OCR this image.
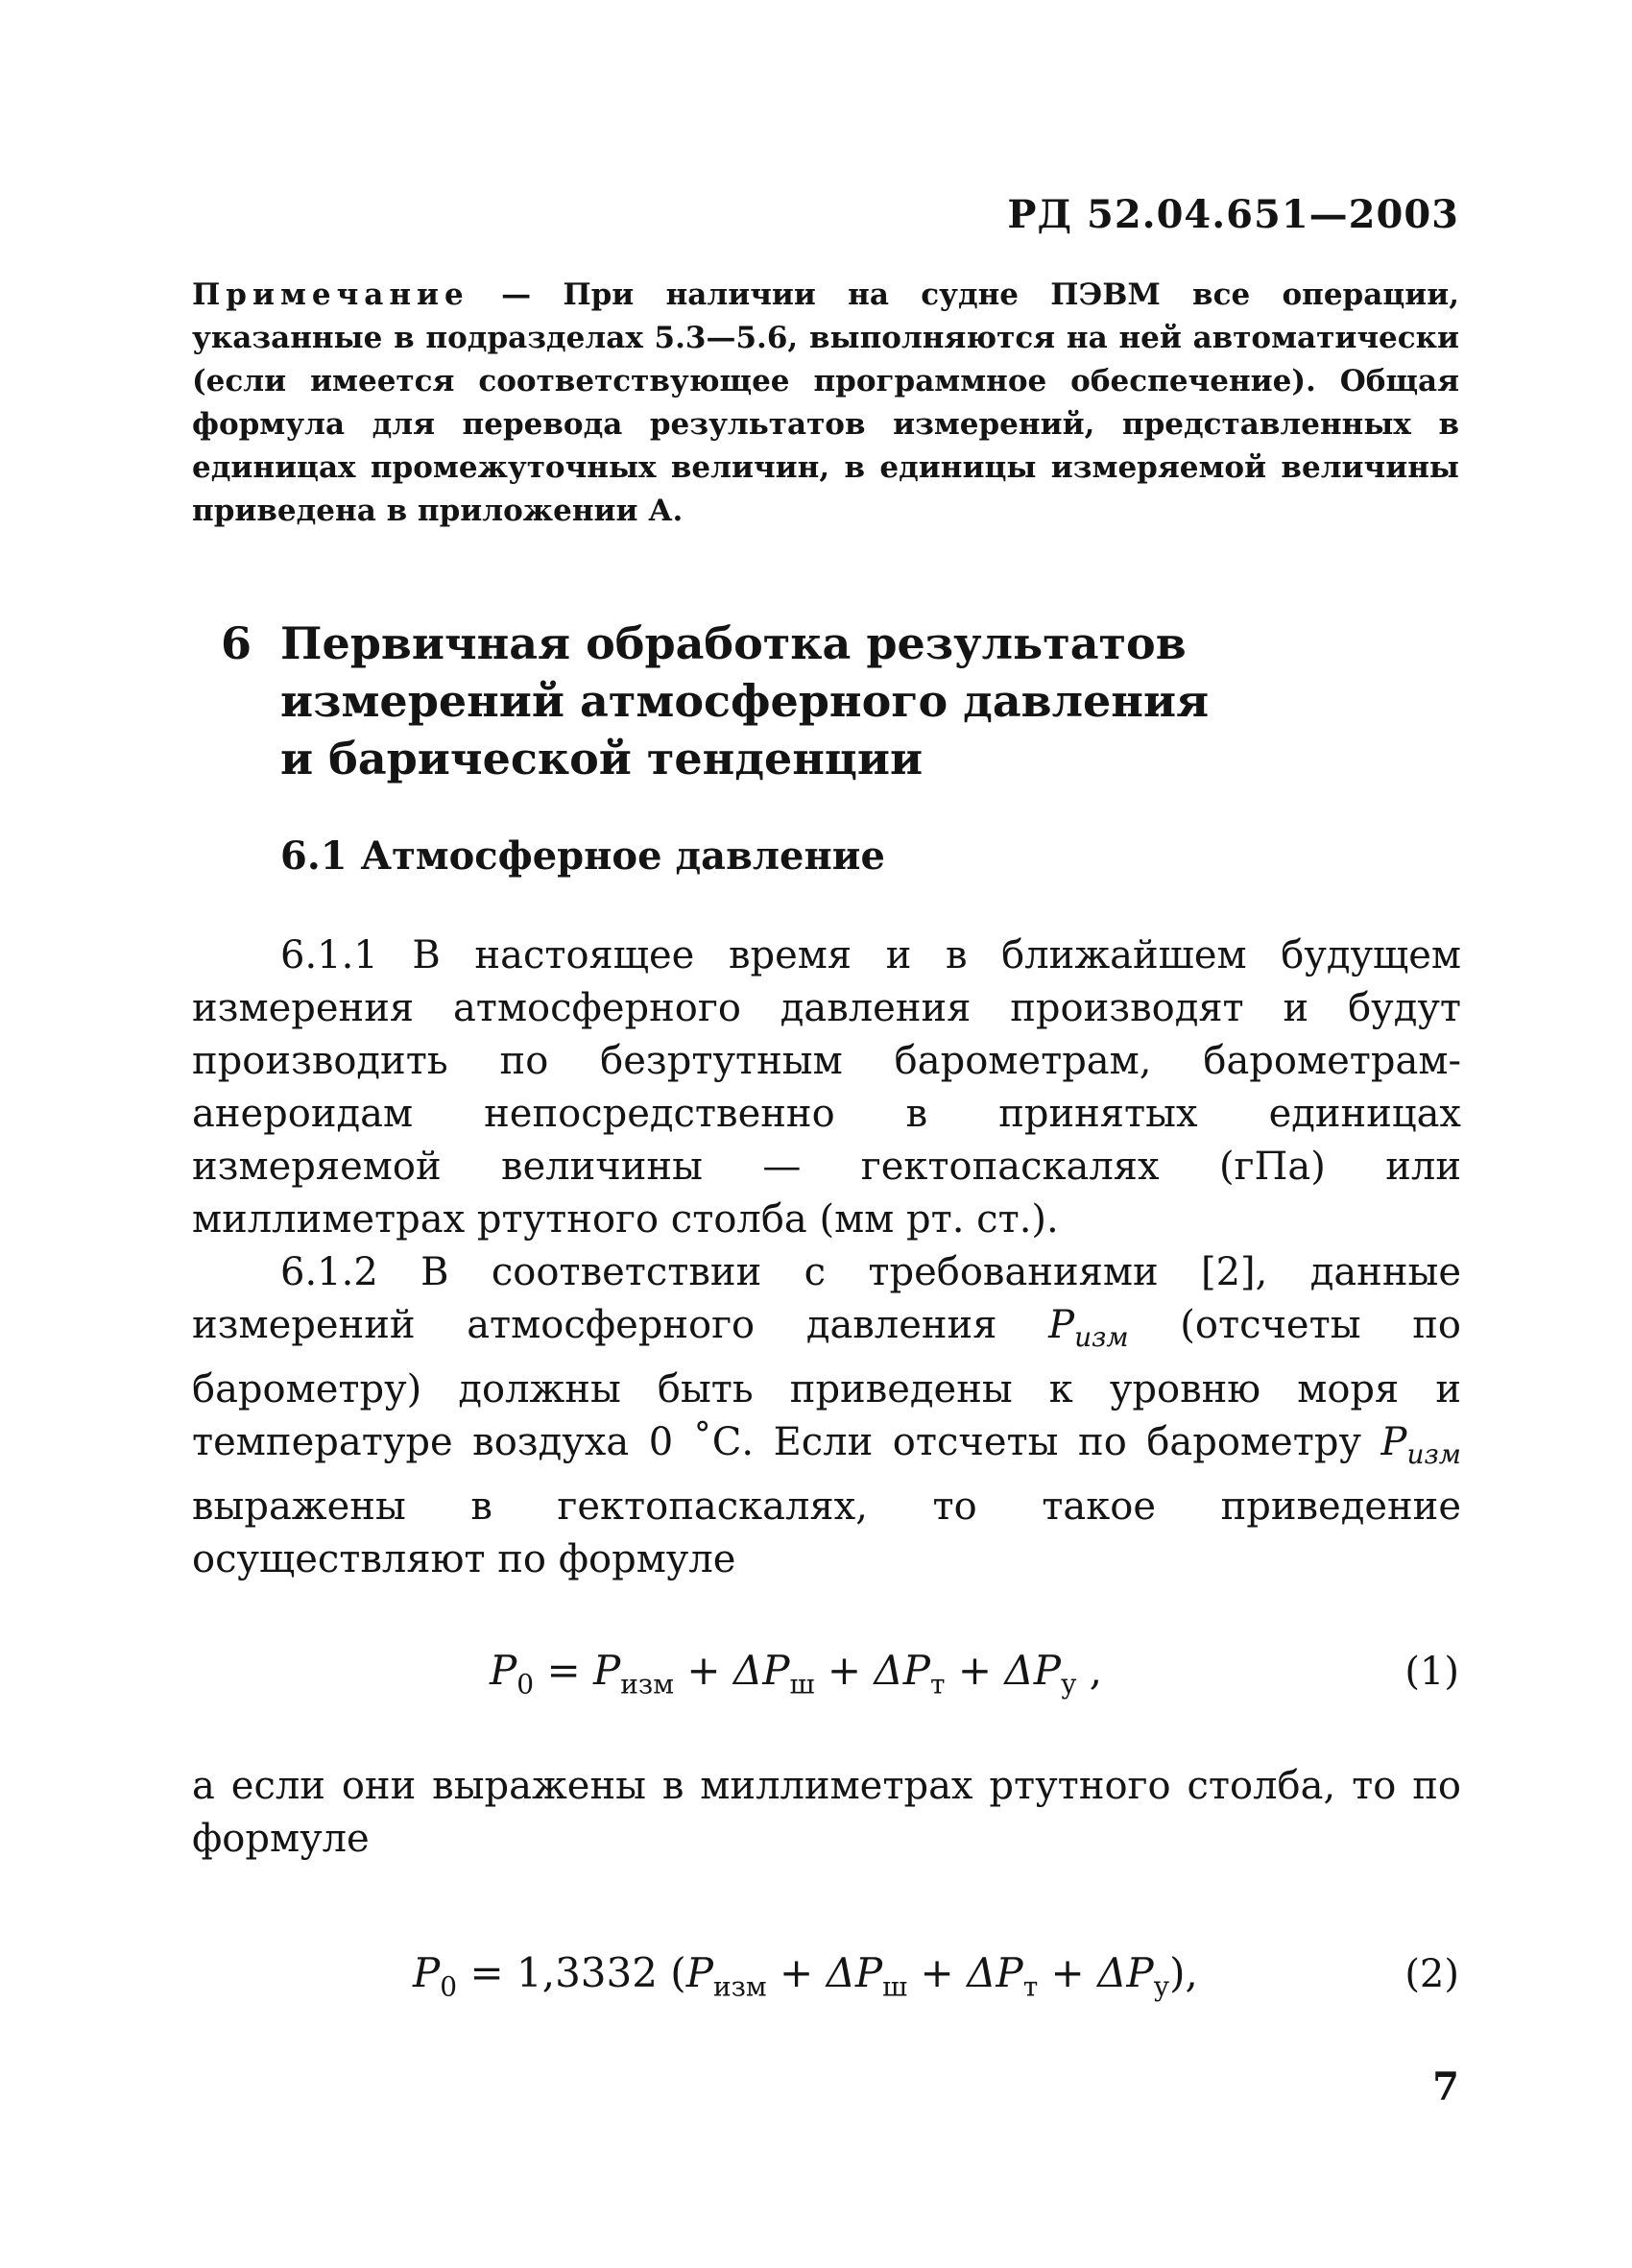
РД 52.04.651—2003
Примечание — При наличии на судне ПЭВМ все операции, указанные в подразделах 5.3—5.6, выполняются на ней автоматически (если имеется соответствующее программное обеспечение). Общая формула для перевода результатов измерений, представленных в единицах промежуточных величин, в единицы измеряемой величины приведена в приложении А.
6 Первичная обработка результатов
измерений атмосферного давления
и барической тенденции
6.1 Атмосферное давление
6.1.1 В настоящее время и в ближайшем будущем измерения атмосферного давления производят и будут производить по безртутным барометрам, барометрам-анероидам непосредственно в принятых единицах измеряемой величины — гектопаскалях (гПа) или миллиметрах ртутного столба (мм рт. ст.).
6.1.2 В соответствии с требованиями [2], данные измерений атмосферного давления $P_{изм}$ (отсчеты по барометру) должны быть приведены к уровню моря и температуре воздуха 0 ˚С. Если отсчеты по барометру $P_{изм}$ выражены в гектопаскалях, то такое приведение осуществляют по формуле
$P_0 = P_{изм} + \Delta P_ш + \Delta P_т + \Delta P_у$ ,	(1)
а если они выражены в миллиметрах ртутного столба, то по формуле
$P_0 = 1,3332$ $(P_{изм} + \Delta P_ш + \Delta P_т + \Delta P_у)$,	(2)
7
